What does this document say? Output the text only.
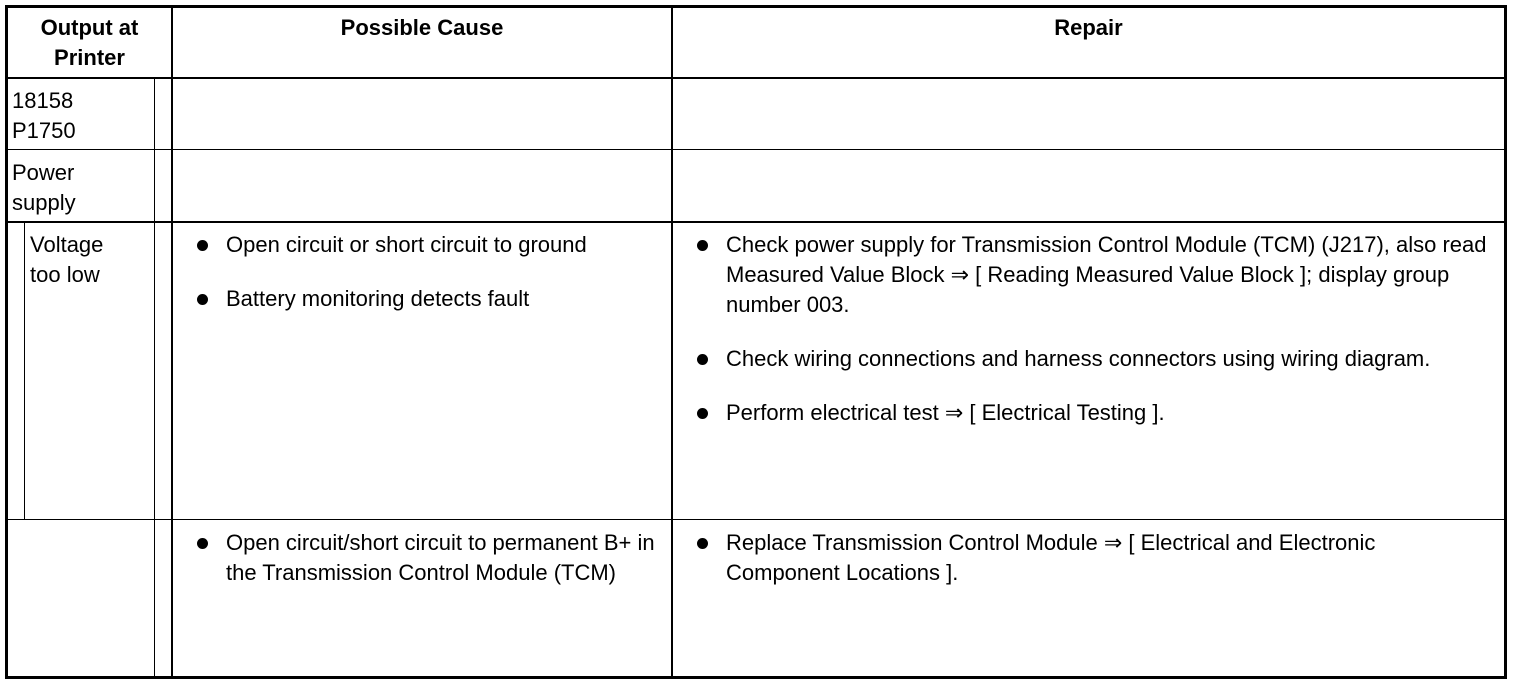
Output at
Printer
Possible Cause	Repair
18158
P1750
Power
supply
Voltage
too low
Open circuit or short circuit to ground
Battery monitoring detects fault
Check power supply for Transmission Control Module (TCM) (J217), also read Measured Value Block ⇒ [ Reading Measured Value Block ]; display group number 003.
Check wiring connections and harness connectors using wiring diagram.
Perform electrical test ⇒ [ Electrical Testing ].
Open circuit/short circuit to permanent B+ in the Transmission Control Module (TCM)
Replace Transmission Control Module ⇒ [ Electrical and Electronic Component Locations ].
